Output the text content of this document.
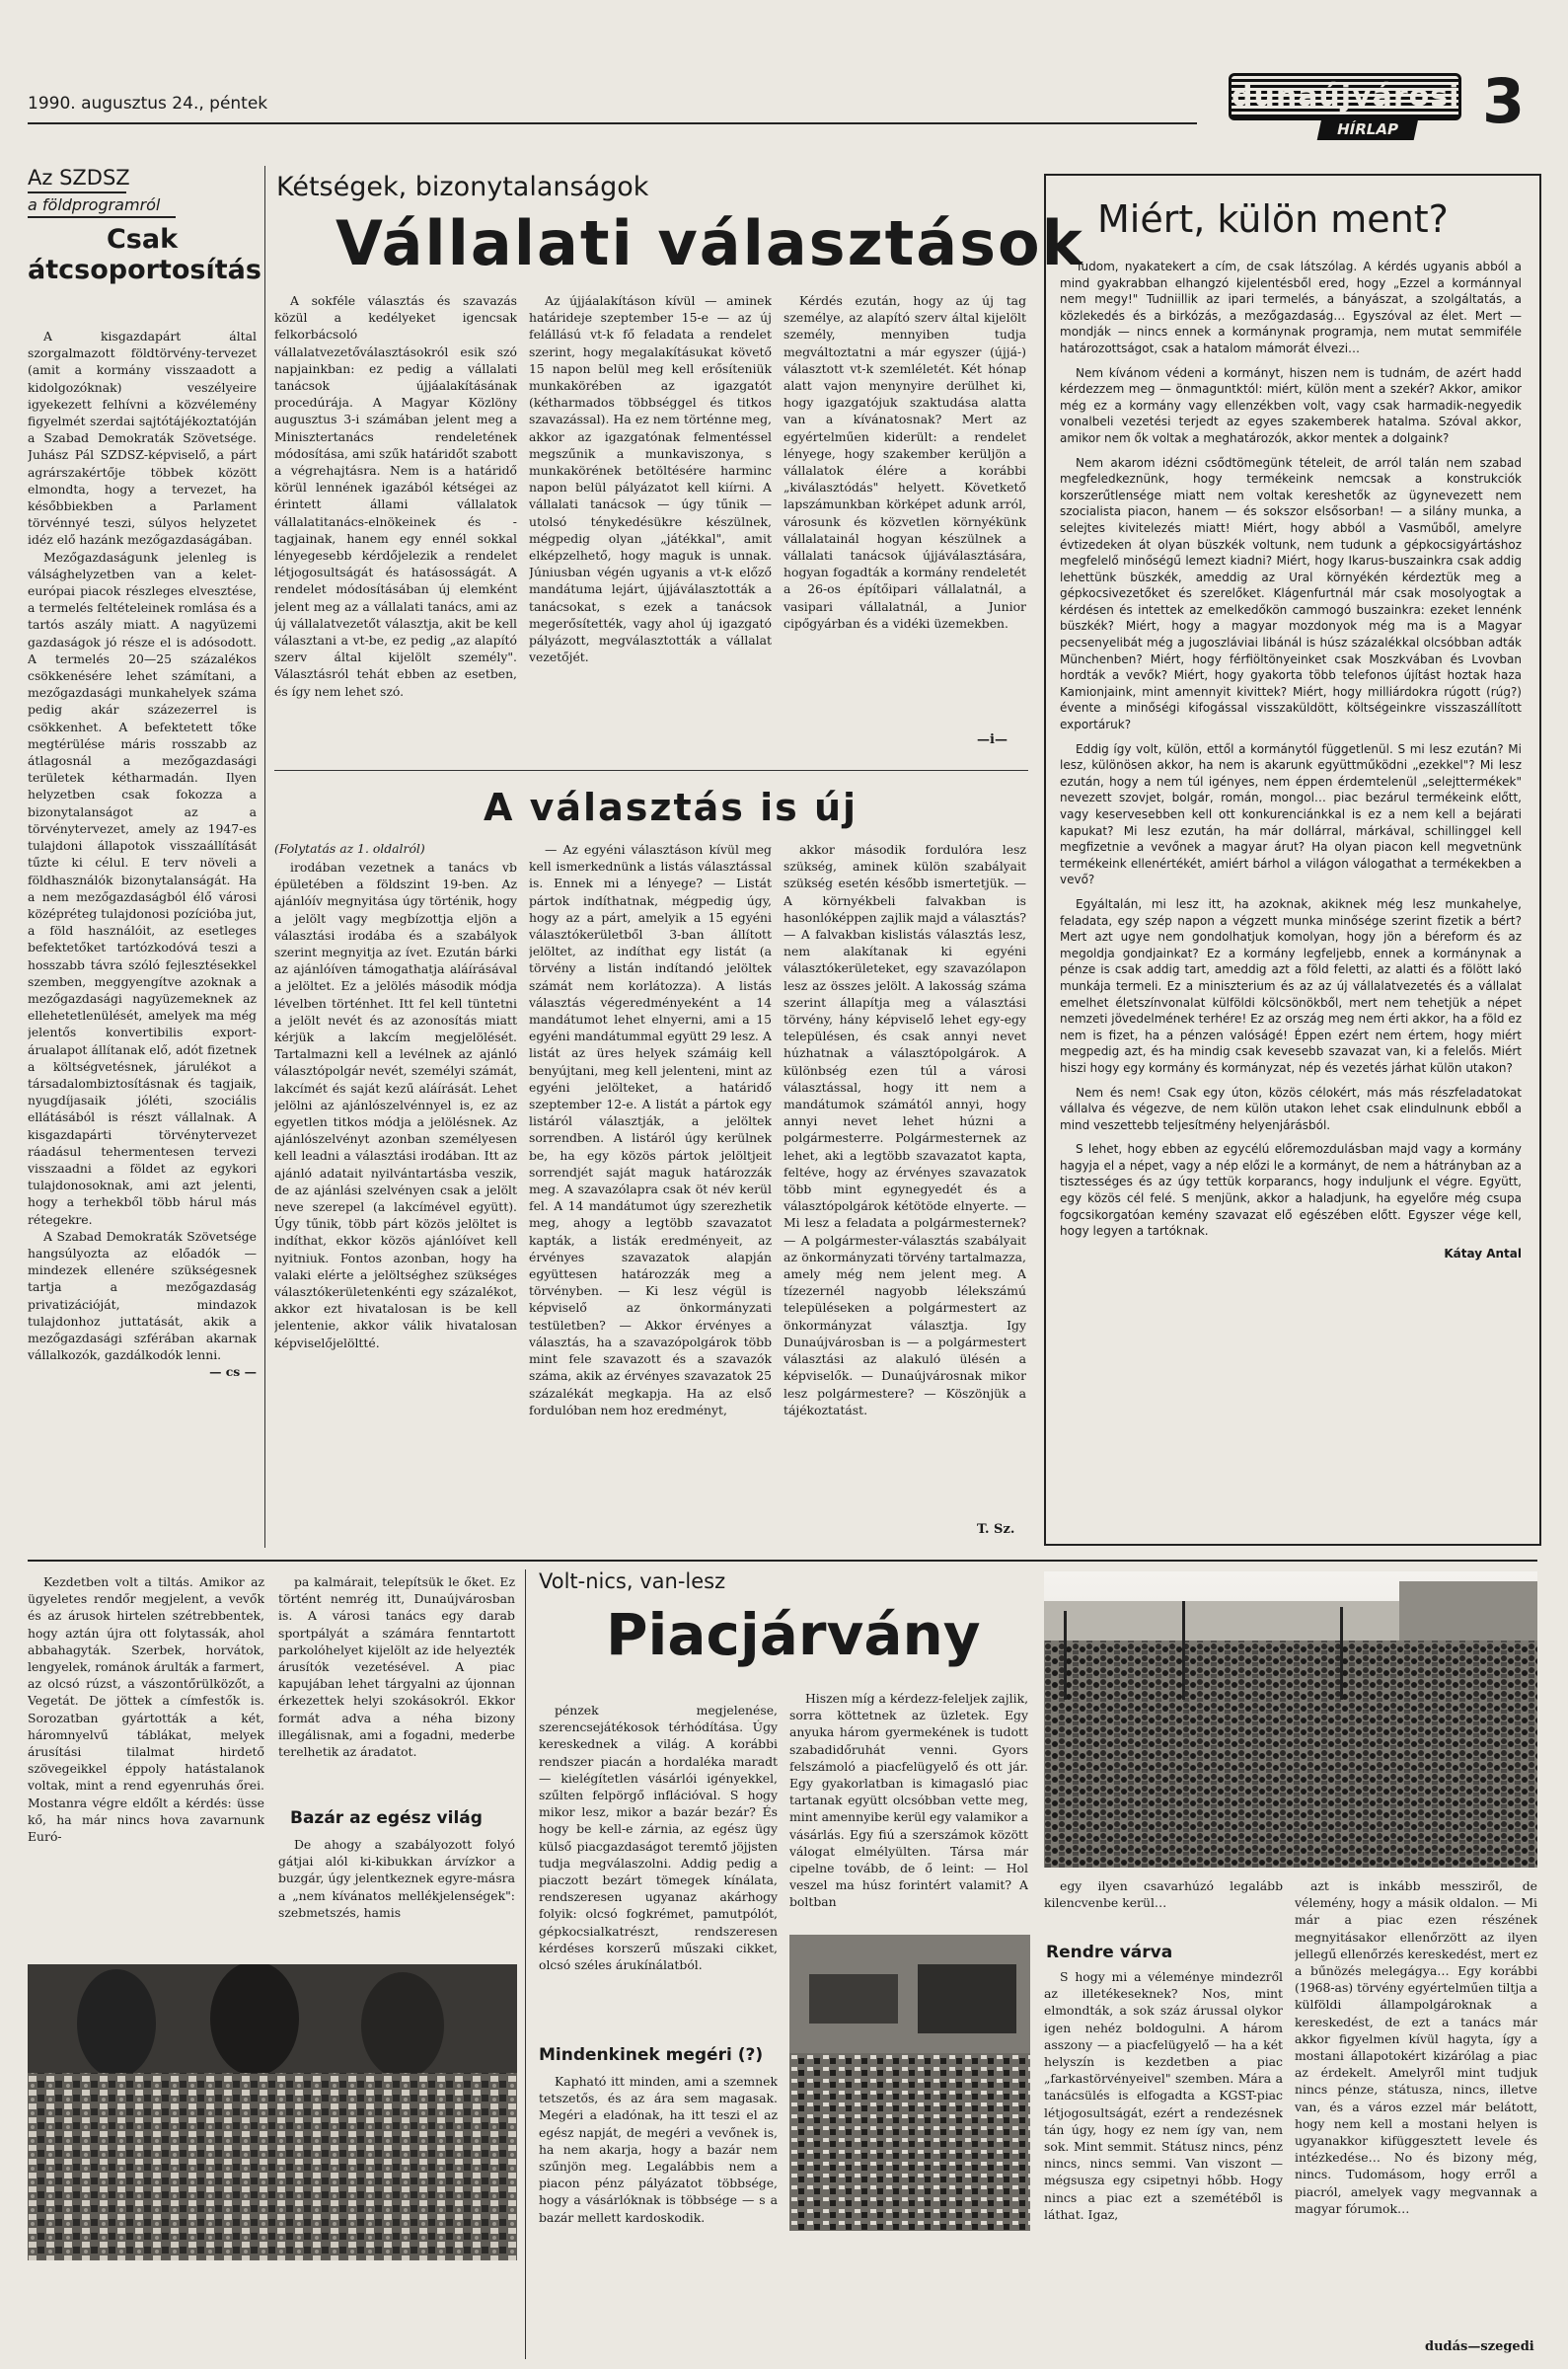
1990. augusztus 24., péntek	dunaújvárosi
HÍRLAP 3
Az SZDSZ
a földprogramról
Csak
átcsoportosítás

A kisgazdapárt által szorgalmazott földtörvény-tervezet (amit a kormány visszaadott a kidolgozóknak) veszélyeire igyekezett felhívni a közvélemény figyelmét szerdai sajtótájékoztatóján a Szabad Demokraták Szövetsége. Juhász Pál SZDSZ-képviselő, a párt agrárszakértője többek között elmondta, hogy a tervezet, ha későbbiekben a Parlament törvénnyé teszi, súlyos helyzetet idéz elő hazánk mezőgazdaságában.

Mezőgazdaságunk jelenleg is válsághelyzetben van a kelet-európai piacok részleges elvesztése, a termelés feltételeinek romlása és a tartós aszály miatt. A nagyüzemi gazdaságok jó része el is adósodott. A termelés 20—25 százalékos csökkenésére lehet számítani, a mezőgazdasági munkahelyek száma pedig akár százezerrel is csökkenhet. A befektetett tőke megtérülése máris rosszabb az átlagosnál a mezőgazdasági területek kétharmadán. Ilyen helyzetben csak fokozza a bizonytalanságot az a törvénytervezet, amely az 1947-es tulajdoni állapotok visszaállítását tűzte ki célul. E terv növeli a földhasználók bizonytalanságát. Ha a nem mezőgazdaságból élő városi középréteg tulajdonosi pozícióba jut, a föld használóit, az esetleges befektetőket tartózkodóvá teszi a hosszabb távra szóló fejlesztésekkel szemben, meggyengítve azoknak a mezőgazdasági nagyüzemeknek az ellehetetlenülését, amelyek ma még jelentős konvertibilis export-árualapot állítanak elő, adót fizetnek a költségvetésnek, járulékot a társadalombiztosításnak és tagjaik, nyugdíjasaik jóléti, szociális ellátásából is részt vállalnak. A kisgazdapárti törvénytervezet ráadásul tehermentesen tervezi visszaadni a földet az egykori tulajdonosoknak, ami azt jelenti, hogy a terhekből több hárul más rétegekre.

A Szabad Demokraták Szövetsége hangsúlyozta az előadók — mindezek ellenére szükségesnek tartja a mezőgazdaság privatizációját, mindazok tulajdonhoz juttatását, akik a mezőgazdasági szférában akarnak vállalkozók, gazdálkodók lenni.

— cs —
Kétségek, bizonytalanságok
Vállalati választások

A sokféle választás és szavazás közül a kedélyeket igencsak felkorbácsoló vállalatvezetőválasztásokról esik szó napjainkban: ez pedig a vállalati tanácsok újjáalakításának procedúrája. A Magyar Közlöny augusztus 3-i számában jelent meg a Minisztertanács rendeletének módosítása, ami szűk határidőt szabott a végrehajtásra. Nem is a határidő körül lennének igazából kétségei az érintett állami vállalatok vállalatitanács-elnökeinek és -tagjainak, hanem egy ennél sokkal lényegesebb kérdőjelezik a rendelet létjogosultságát és hatásosságát. A rendelet módosításában új elemként jelent meg az a vállalati tanács, ami az új vállalatvezetőt választja, akit be kell választani a vt-be, ez pedig „az alapító szerv által kijelölt személy". Választásról tehát ebben az esetben, és így nem lehet szó.

Az újjáalakításon kívül — aminek határideje szeptember 15-e — az új felállású vt-k fő feladata a rendelet szerint, hogy megalakításukat követő 15 napon belül meg kell erősíteniük munkakörében az igazgatót (kétharmados többséggel és titkos szavazással). Ha ez nem történne meg, akkor az igazgatónak felmentéssel megszűnik a munkaviszonya, s munkakörének betöltésére harminc napon belül pályázatot kell kiírni. A vállalati tanácsok — úgy tűnik — utolsó ténykedésükre készülnek, mégpedig olyan „játékkal", amit elképzelhető, hogy maguk is unnak. Júniusban végén ugyanis a vt-k előző mandátuma lejárt, újjáválasztották a tanácsokat, s ezek a tanácsok megerősítették, vagy ahol új igazgató pályázott, megválasztották a vállalat vezetőjét.

Kérdés ezután, hogy az új tag személye, az alapító szerv által kijelölt személy, mennyiben tudja megváltoztatni a már egyszer (újjá-) választott vt-k szemléletét. Két hónap alatt vajon menynyire derülhet ki, hogy igazgatójuk szaktudása alatta van a kívánatosnak? Mert az egyértelműen kiderült: a rendelet lényege, hogy szakember kerüljön a vállalatok élére a korábbi „kiválasztódás" helyett. Követkető lapszámunkban körképet adunk arról, városunk és közvetlen környékünk vállalatainál hogyan készülnek a vállalati tanácsok újjáválasztására, hogyan fogadták a kormány rendeletét a 26-os építőipari vállalatnál, a vasipari vállalatnál, a Junior cipőgyárban és a vidéki üzemekben.

—i—
A választás is új
(Folytatás az 1. oldalról)

irodában vezetnek a tanács vb épületében a földszint 19-ben. Az ajánlóív megnyitása úgy történik, hogy a jelölt vagy megbízottja eljön a választási irodába és a szabályok szerint megnyitja az ívet. Ezután bárki az ajánlóíven támogathatja aláírásával a jelöltet. Ez a jelölés második módja lévelben történhet. Itt fel kell tüntetni a jelölt nevét és az azonosítás miatt kérjük a lakcím megjelölését. Tartalmazni kell a levélnek az ajánló választópolgár nevét, személyi számát, lakcímét és saját kezű aláírását. Lehet jelölni az ajánlószelvénnyel is, ez az egyetlen titkos módja a jelölésnek. Az ajánlószelvényt azonban személyesen kell leadni a választási irodában. Itt az ajánló adatait nyilvántartásba veszik, de az ajánlási szelvényen csak a jelölt neve szerepel (a lakcímével együtt). Úgy tűnik, több párt közös jelöltet is indíthat, ekkor közös ajánlóívet kell nyitniuk. Fontos azonban, hogy ha valaki elérte a jelöltséghez szükséges választókerületenkénti egy százalékot, akkor ezt hivatalosan is be kell jelentenie, akkor válik hivatalosan képviselőjelöltté.

— Az egyéni választáson kívül meg kell ismerkednünk a listás választással is. Ennek mi a lényege? — Listát pártok indíthatnak, mégpedig úgy, hogy az a párt, amelyik a 15 egyéni választókerületből 3-ban állított jelöltet, az indíthat egy listát (a törvény a listán indítandó jelöltek számát nem korlátozza). A listás választás végeredményeként a 14 mandátumot lehet elnyerni, ami a 15 egyéni mandátummal együtt 29 lesz. A listát az üres helyek számáig kell benyújtani, meg kell jelenteni, mint az egyéni jelölteket, a határidő szeptember 12-e. A listát a pártok egy listáról választják, a jelöltek sorrendben. A listáról úgy kerülnek be, ha egy közös pártok jelöltjeit sorrendjét saját maguk határozzák meg. A szavazólapra csak öt név kerül fel. A 14 mandátumot úgy szerezhetik meg, ahogy a legtöbb szavazatot kapták, a listák eredményeit, az érvényes szavazatok alapján együttesen határozzák meg a törvényben. — Ki lesz végül is képviselő az önkormányzati testületben? — Akkor érvényes a választás, ha a szavazópolgárok több mint fele szavazott és a szavazók száma, akik az érvényes szavazatok 25 százalékát megkapja. Ha az első fordulóban nem hoz eredményt,

akkor második fordulóra lesz szükség, aminek külön szabályait szükség esetén később ismertetjük. — A környékbeli falvakban is hasonlóképpen zajlik majd a választás? — A falvakban kislistás választás lesz, nem alakítanak ki egyéni választókerületeket, egy szavazólapon lesz az összes jelölt. A lakosság száma szerint állapítja meg a választási törvény, hány képviselő lehet egy-egy településen, és csak annyi nevet húzhatnak a választópolgárok. A különbség ezen túl a városi választással, hogy itt nem a mandátumok számától annyi, hogy annyi nevet lehet húzni a polgármesterre. Polgármesternek az lehet, aki a legtöbb szavazatot kapta, feltéve, hogy az érvényes szavazatok több mint egynegyedét és a választópolgárok kétötöde elnyerte. — Mi lesz a feladata a polgármesternek? — A polgármester-választás szabályait az önkormányzati törvény tartalmazza, amely még nem jelent meg. A tízezernél nagyobb lélekszámú településeken a polgármestert az önkormányzat választja. Igy Dunaújvárosban is — a polgármestert választási az alakuló ülésén a képviselők. — Dunaújvárosnak mikor lesz polgármestere? — Köszönjük a tájékoztatást.

T. Sz.
Miért, külön ment?

Tudom, nyakatekert a cím, de csak látszólag. A kérdés ugyanis abból a mind gyakrabban elhangzó kijelentésből ered, hogy „Ezzel a kormánnyal nem megy!" Tudniillik az ipari termelés, a bányászat, a szolgáltatás, a közlekedés és a birkózás, a mezőgazdaság… Egyszóval az élet. Mert — mondják — nincs ennek a kormánynak programja, nem mutat semmiféle határozottságot, csak a hatalom mámorát élvezi…

Nem kívánom védeni a kormányt, hiszen nem is tudnám, de azért hadd kérdezzem meg — önmaguntktól: miért, külön ment a szekér? Akkor, amikor még ez a kormány vagy ellenzékben volt, vagy csak harmadik-negyedik vonalbeli vezetési terjedt az egyes szakemberek hatalma. Szóval akkor, amikor nem ők voltak a meghatározók, akkor mentek a dolgaink?

Nem akarom idézni csődtömegünk tételeit, de arról talán nem szabad megfeledkeznünk, hogy termékeink nemcsak a konstrukciók korszerűtlensége miatt nem voltak kereshetők az ügynevezett nem szocialista piacon, hanem — és sokszor elsősorban! — a silány munka, a selejtes kivitelezés miatt! Miért, hogy abból a Vasműből, amelyre évtizedeken át olyan büszkék voltunk, nem tudunk a gépkocsigyártáshoz megfelelő minőségű lemezt kiadni? Miért, hogy Ikarus-buszainkra csak addig lehettünk büszkék, ameddig az Ural környékén kérdeztük meg a gépkocsivezetőket és szerelőket. Klágenfurtnál már csak mosolyogtak a kérdésen és intettek az emelkedőkön cammogó buszainkra: ezeket lennénk büszkék? Miért, hogy a magyar mozdonyok még ma is a Magyar pecsenyelibát még a jugoszláviai libánál is húsz százalékkal olcsóbban adták Münchenben? Miért, hogy férfiöltönyeinket csak Moszkvában és Lvovban hordták a vevők? Miért, hogy gyakorta több telefonos újítást hoztak haza Kamionjaink, mint amennyit kivittek? Miért, hogy milliárdokra rúgott (rúg?) évente a minőségi kifogással visszaküldött, költségeinkre visszaszállított exportáruk?

Eddig így volt, külön, ettől a kormánytól függetlenül. S mi lesz ezután? Mi lesz, különösen akkor, ha nem is akarunk együttműködni „ezekkel"? Mi lesz ezután, hogy a nem túl igényes, nem éppen érdemtelenül „selejttermékek" nevezett szovjet, bolgár, román, mongol… piac bezárul termékeink előtt, vagy keservesebben kell ott konkurenciánkkal is ez a nem kell a bejárati kapukat? Mi lesz ezután, ha már dollárral, márkával, schillinggel kell megfizetnie a vevőnek a magyar árut? Ha olyan piacon kell megvetnünk termékeink ellenértékét, amiért bárhol a világon válogathat a termékekben a vevő?

Egyáltalán, mi lesz itt, ha azoknak, akiknek még lesz munkahelye, feladata, egy szép napon a végzett munka minősége szerint fizetik a bért? Mert azt ugye nem gondolhatjuk komolyan, hogy jön a béreform és az megoldja gondjainkat? Ez a kormány legfeljebb, ennek a kormánynak a pénze is csak addig tart, ameddig azt a föld feletti, az alatti és a fölött lakó munkája termeli. Ez a miniszterium és az az új vállalatvezetés és a vállalat emelhet életszínvonalat külföldi kölcsönökből, mert nem tehetjük a népet nemzeti jövedelmének terhére! Ez az ország meg nem érti akkor, ha a föld ez nem is fizet, ha a pénzen valóságé! Éppen ezért nem értem, hogy miért megpedig azt, és ha mindig csak kevesebb szavazat van, ki a felelős. Miért hiszi hogy egy kormány és kormányzat, nép és vezetés járhat külön utakon?

Nem és nem! Csak egy úton, közös célokért, más más részfeladatokat vállalva és végezve, de nem külön utakon lehet csak elindulnunk ebből a mind veszettebb teljesítmény helyenjárásból.

S lehet, hogy ebben az egycélú előremozdulásban majd vagy a kormány hagyja el a népet, vagy a nép előzi le a kormányt, de nem a hátrányban az a tisztességes és az úgy tettük korparancs, hogy induljunk el végre. Együtt, egy közös cél felé. S menjünk, akkor a haladjunk, ha egyelőre még csupa fogcsikorgatóan kemény szavazat elő egészében előtt. Egyszer vége kell, hogy legyen a tartóknak.

Kátay Antal

Kezdetben volt a tiltás. Amikor az ügyeletes rendőr megjelent, a vevők és az árusok hirtelen szétrebbentek, hogy aztán újra ott folytassák, ahol abbahagyták. Szerbek, horvátok, lengyelek, románok árulták a farmert, az olcsó rúzst, a vászontőrülközőt, a Vegetát. De jöttek a címfestők is. Sorozatban gyártották a két, háromnyelvű táblákat, melyek árusítási tilalmat hirdető szövegeikkel éppoly hatástalanok voltak, mint a rend egyenruhás őrei. Mostanra végre eldőlt a kérdés: üsse kő, ha már nincs hova zavarnunk Euró-

pa kalmárait, telepítsük le őket. Ez történt nemrég itt, Dunaújvárosban is. A városi tanács egy darab sportpályát a számára fenntartott parkolóhelyet kijelölt az ide helyezték árusítók vezetésével. A piac kapujában lehet tárgyalni az újonnan érkezettek helyi szokásokról. Ekkor formát adva a néha bizony illegálisnak, ami a fogadni, mederbe terelhetik az áradatot.

Bazár az egész világ

De ahogy a szabályozott folyó gátjai alól ki-kibukkan árvízkor a buzgár, úgy jelentkeznek egyre-másra a „nem kívánatos mellékjelenségek": szebmetszés, hamis

Volt-nics, van-lesz
Piacjárvány

pénzek megjelenése, szerencsejátékosok térhódítása. Úgy kereskednek a világ. A korábbi rendszer piacán a hordaléka maradt — kielégítetlen vásárlói igényekkel, szűlten felpörgő inflációval. S hogy mikor lesz, mikor a bazár bezár? És hogy be kell-e zárnia, az egész ügy külső piacgazdaságot teremtő jöjjsten tudja megválaszolni. Addig pedig a piaczott bezárt tömegek kínálata, rendszeresen ugyanaz akárhogy folyik: olcsó fogkrémet, pamutpólót, gépkocsialkatrészt, rendszeresen kérdéses korszerű műszaki cikket, olcsó széles árukínálatból.

Hiszen míg a kérdezz-feleljek zajlik, sorra köttetnek az üzletek. Egy anyuka három gyermekének is tudott szabadidőruhát venni. Gyors felszámoló a piacfelügyelő és ott jár. Egy gyakorlatban is kimagasló piac tartanak együtt olcsóbban vette meg, mint amennyibe kerül egy valamikor a vásárlás. Egy fiú a szerszámok között válogat elmélyülten. Társa már cipelne tovább, de ő leint: — Hol veszel ma húsz forintért valamit? A boltban

egy ilyen csavarhúzó legalább kilencvenbe kerül…

Rendre várva

S hogy mi a véleménye mindezről az illetékeseknek? Nos, mint elmondták, a sok száz árussal olykor igen nehéz boldogulni. A három asszony — a piacfelügyelő — ha a két helyszín is kezdetben a piac „farkastörvényeivel" szemben. Mára a tanácsülés is elfogadta a KGST-piac létjogosultságát, ezért a rendezésnek tán úgy, hogy ez nem így van, nem sok. Mint semmit. Státusz nincs, pénz nincs, nincs semmi. Van viszont — mégsusza egy csipetnyi hőbb. Hogy nincs a piac ezt a szemétéből is láthat. Igaz,

azt is inkább messziről, de vélemény, hogy a másik oldalon. — Mi már a piac ezen részének megnyitásakor ellenőrzött az ilyen jellegű ellenőrzés kereskedést, mert ez a bűnözés melegágya… Egy korábbi (1968-as) törvény egyértelműen tiltja a külföldi állampolgároknak a kereskedést, de ezt a tanács már akkor figyelmen kívül hagyta, így a mostani állapotokért kizárólag a piac az érdekelt. Amelyről mint tudjuk nincs pénze, státusza, nincs, illetve van, és a város ezzel már belátott, hogy nem kell a mostani helyen is ugyanakkor kifüggesztett levele és intézkedése… No és bizony még, nincs. Tudomásom, hogy erről a piacról, amelyek vagy megvannak a magyar fórumok…

dudás—szegedi
Mindenkinek megéri (?)

Kapható itt minden, ami a szemnek tetszetős, és az ára sem magasak. Megéri a eladónak, ha itt teszi el az egész napját, de megéri a vevőnek is, ha nem akarja, hogy a bazár nem szűnjön meg. Legalábbis nem a piacon pénz pályázatot többsége, hogy a vásárlóknak is többsége — s a bazár mellett kardoskodik.
